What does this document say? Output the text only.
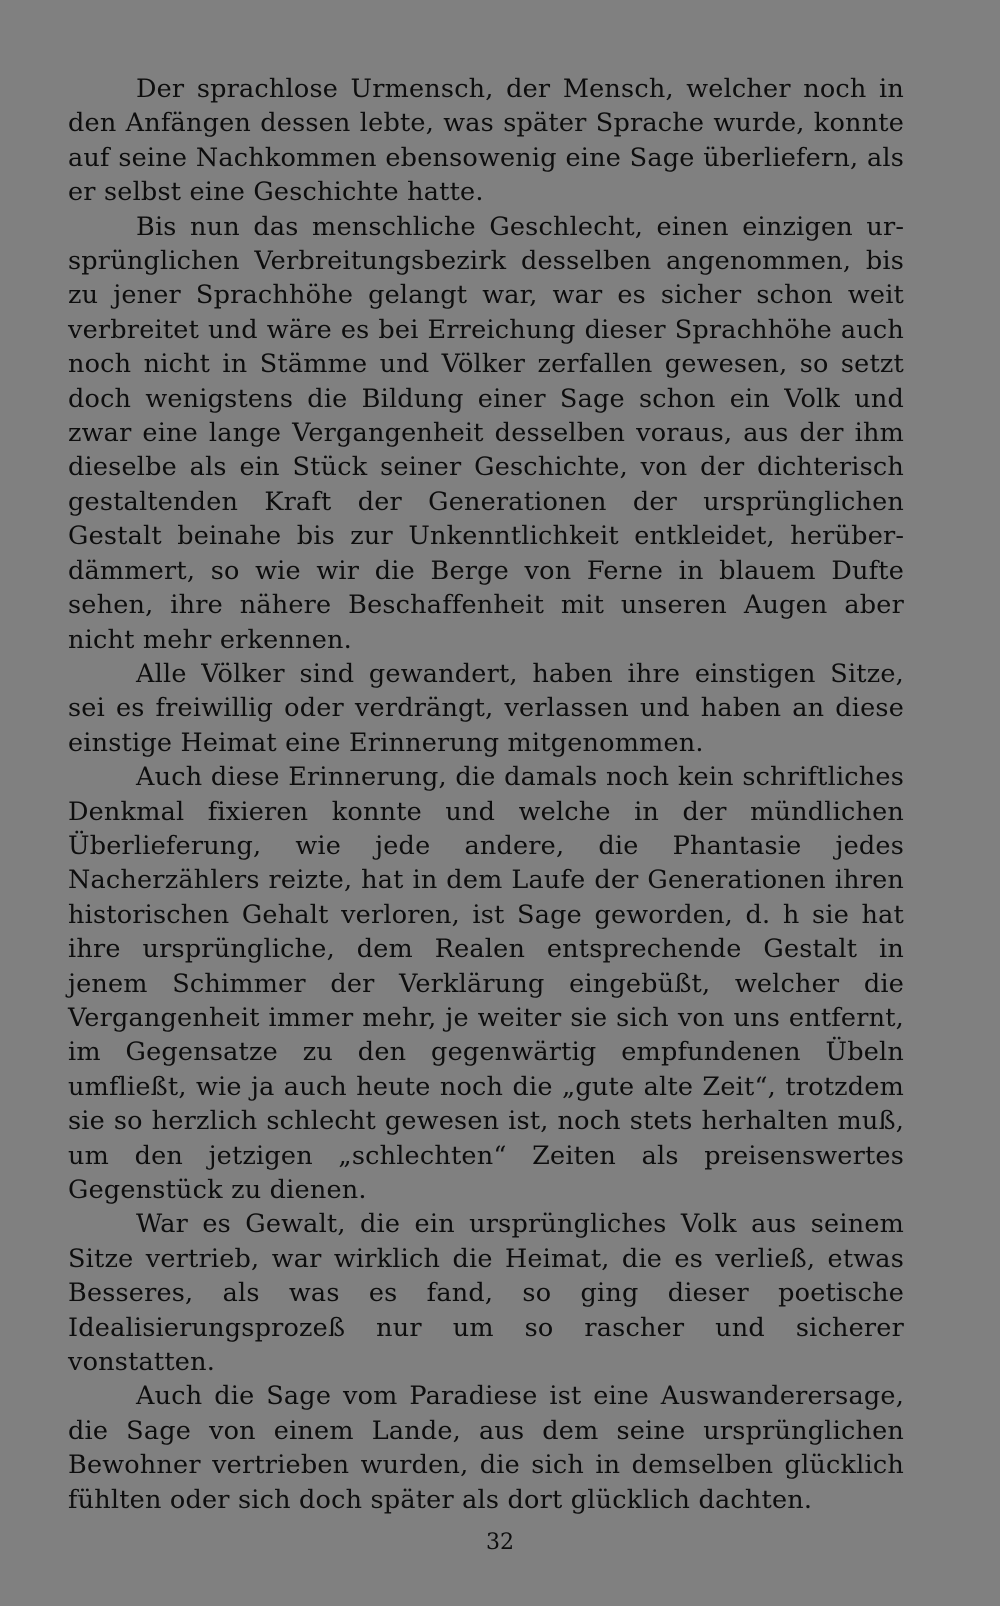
Der sprachlose Urmensch, der Mensch, welcher noch in den Anfängen dessen lebte, was später Sprache wurde, konnte auf seine Nachkommen ebensowenig eine Sage überliefern, als er selbst eine Geschichte hatte.

Bis nun das menschliche Geschlecht, einen einzigen ursprünglichen Verbreitungsbezirk desselben angenommen, bis zu jener Sprachhöhe gelangt war, war es sicher schon weit verbreitet und wäre es bei Erreichung dieser Sprachhöhe auch noch nicht in Stämme und Völker zerfallen gewesen, so setzt doch wenigstens die Bildung einer Sage schon ein Volk und zwar eine lange Vergangenheit desselben voraus, aus der ihm dieselbe als ein Stück seiner Geschichte, von der dichterisch gestaltenden Kraft der Generationen der ursprünglichen Gestalt beinahe bis zur Unkenntlichkeit entkleidet, herüberdämmert, so wie wir die Berge von Ferne in blauem Dufte sehen, ihre nähere Beschaffenheit mit unseren Augen aber nicht mehr erkennen.

Alle Völker sind gewandert, haben ihre einstigen Sitze, sei es freiwillig oder verdrängt, verlassen und haben an diese einstige Heimat eine Erinnerung mitgenommen.

Auch diese Erinnerung, die damals noch kein schriftliches Denkmal fixieren konnte und welche in der mündlichen Überlieferung, wie jede andere, die Phantasie jedes Nacherzählers reizte, hat in dem Laufe der Generationen ihren historischen Gehalt verloren, ist Sage geworden, d. h sie hat ihre ursprüngliche, dem Realen entsprechende Gestalt in jenem Schimmer der Verklärung eingebüßt, welcher die Vergangenheit immer mehr, je weiter sie sich von uns entfernt, im Gegensatze zu den gegenwärtig empfundenen Übeln umfließt, wie ja auch heute noch die „gute alte Zeit“, trotzdem sie so herzlich schlecht gewesen ist, noch stets herhalten muß, um den jetzigen „schlechten“ Zeiten als preisenswertes Gegenstück zu dienen.

War es Gewalt, die ein ursprüngliches Volk aus seinem Sitze vertrieb, war wirklich die Heimat, die es verließ, etwas Besseres, als was es fand, so ging dieser poetische Idealisierungsprozeß nur um so rascher und sicherer vonstatten.

Auch die Sage vom Paradiese ist eine Auswanderersage, die Sage von einem Lande, aus dem seine ursprünglichen Bewohner vertrieben wurden, die sich in demselben glücklich fühlten oder sich doch später als dort glücklich dachten.

32
